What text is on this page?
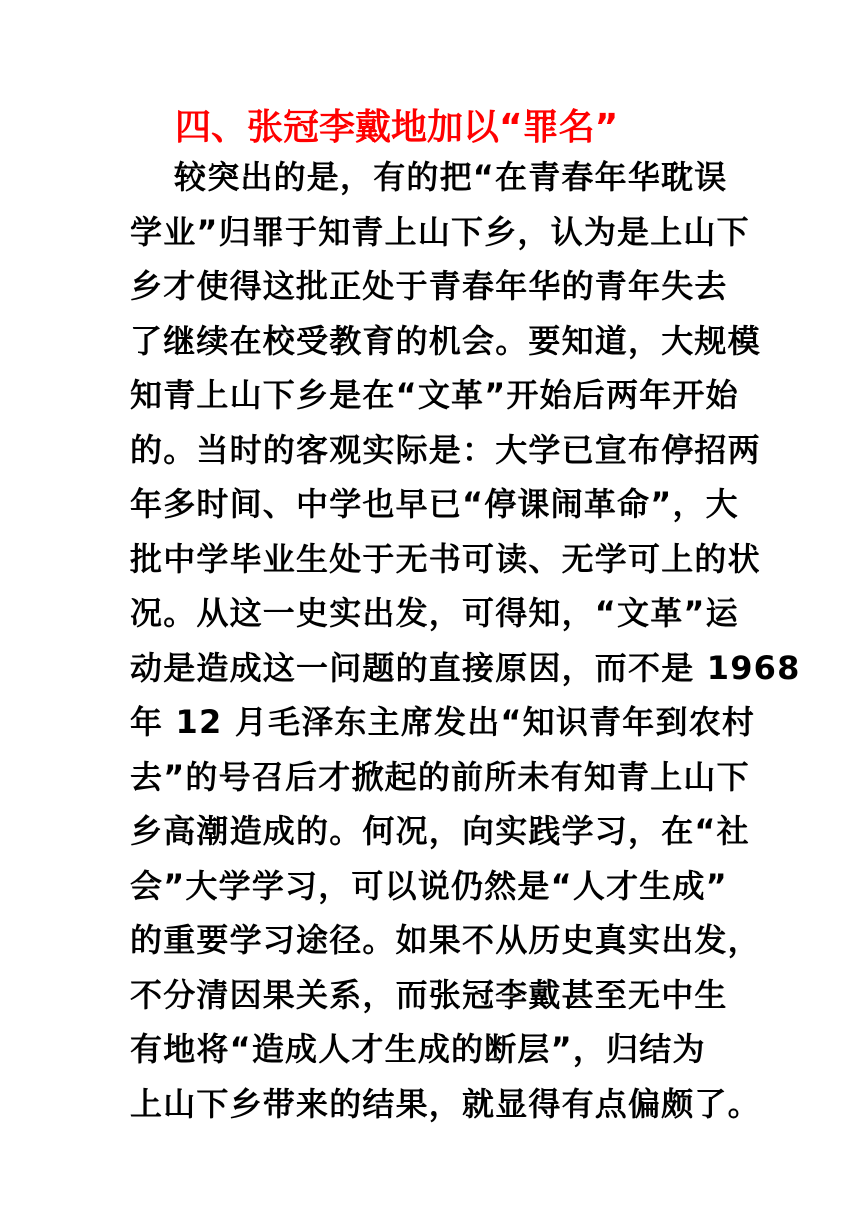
四、张冠李戴地加以“罪名”
较突出的是，有的把“在青春年华耽误
学业”归罪于知青上山下乡，认为是上山下
乡才使得这批正处于青春年华的青年失去
了继续在校受教育的机会。要知道，大规模
知青上山下乡是在“文革”开始后两年开始
的。当时的客观实际是：大学已宣布停招两
年多时间、中学也早已“停课闹革命”，大
批中学毕业生处于无书可读、无学可上的状
况。从这一史实出发，可得知，“文革”运
动是造成这一问题的直接原因，而不是 1968
年 12 月毛泽东主席发出“知识青年到农村
去”的号召后才掀起的前所未有知青上山下
乡高潮造成的。何况，向实践学习，在“社
会”大学学习，可以说仍然是“人才生成”
的重要学习途径。如果不从历史真实出发，
不分清因果关系，而张冠李戴甚至无中生
有地将“造成人才生成的断层”，归结为
上山下乡带来的结果，就显得有点偏颇了。
